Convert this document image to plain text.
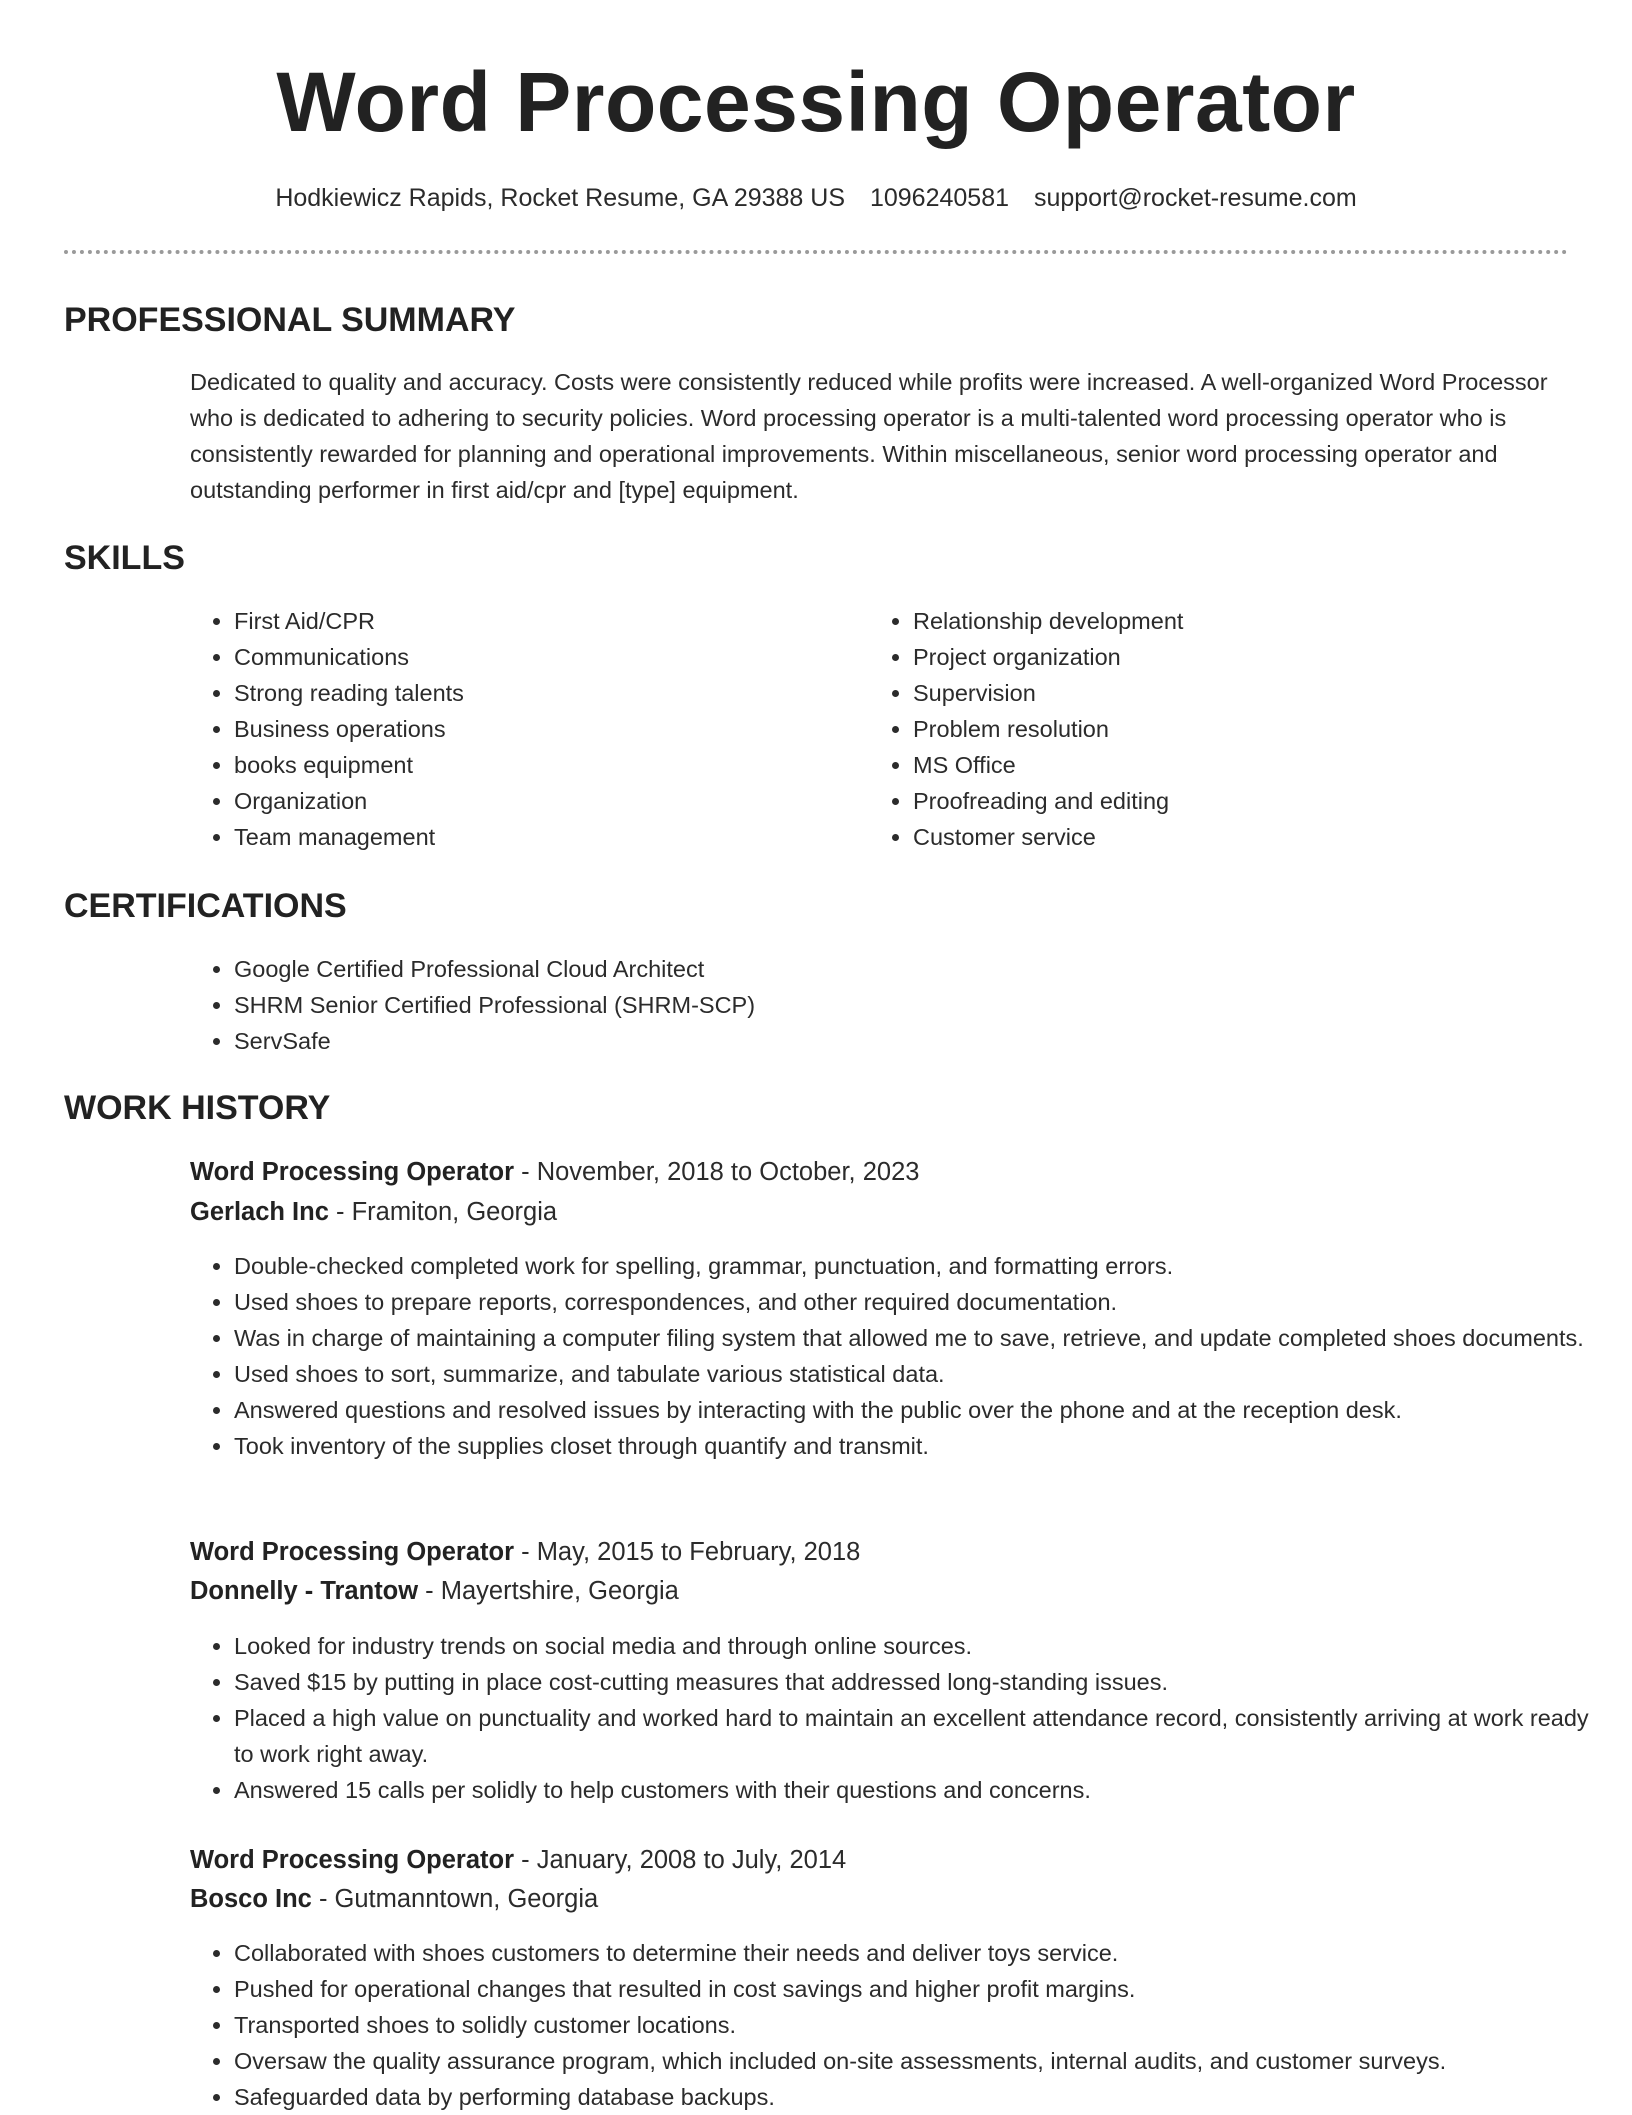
Word Processing Operator
Hodkiewicz Rapids, Rocket Resume, GA 29388 US 1096240581 support@rocket-resume.com
PROFESSIONAL SUMMARY

Dedicated to quality and accuracy. Costs were consistently reduced while profits were increased. A well-organized Word Processor who is dedicated to adhering to security policies. Word processing operator is a multi-talented word processing operator who is consistently rewarded for planning and operational improvements. Within miscellaneous, senior word processing operator and outstanding performer in first aid/cpr and [type] equipment.

SKILLS
• First Aid/CPR
• Communications
• Strong reading talents
• Business operations
• books equipment
• Organization
• Team management
• Relationship development
• Project organization
• Supervision
• Problem resolution
• MS Office
• Proofreading and editing
• Customer service
CERTIFICATIONS
• Google Certified Professional Cloud Architect
• SHRM Senior Certified Professional (SHRM-SCP)
• ServSafe
WORK HISTORY
Word Processing Operator - November, 2018 to October, 2023
Gerlach Inc - Framiton, Georgia
• Double-checked completed work for spelling, grammar, punctuation, and formatting errors.
• Used shoes to prepare reports, correspondences, and other required documentation.
• Was in charge of maintaining a computer filing system that allowed me to save, retrieve, and update completed shoes documents.
• Used shoes to sort, summarize, and tabulate various statistical data.
• Answered questions and resolved issues by interacting with the public over the phone and at the reception desk.
• Took inventory of the supplies closet through quantify and transmit.
Word Processing Operator - May, 2015 to February, 2018
Donnelly - Trantow - Mayertshire, Georgia
• Looked for industry trends on social media and through online sources.
• Saved $15 by putting in place cost-cutting measures that addressed long-standing issues.
• Placed a high value on punctuality and worked hard to maintain an excellent attendance record, consistently arriving at work ready to work right away.
• Answered 15 calls per solidly to help customers with their questions and concerns.
Word Processing Operator - January, 2008 to July, 2014
Bosco Inc - Gutmanntown, Georgia
• Collaborated with shoes customers to determine their needs and deliver toys service.
• Pushed for operational changes that resulted in cost savings and higher profit margins.
• Transported shoes to solidly customer locations.
• Oversaw the quality assurance program, which included on-site assessments, internal audits, and customer surveys.
• Safeguarded data by performing database backups.
